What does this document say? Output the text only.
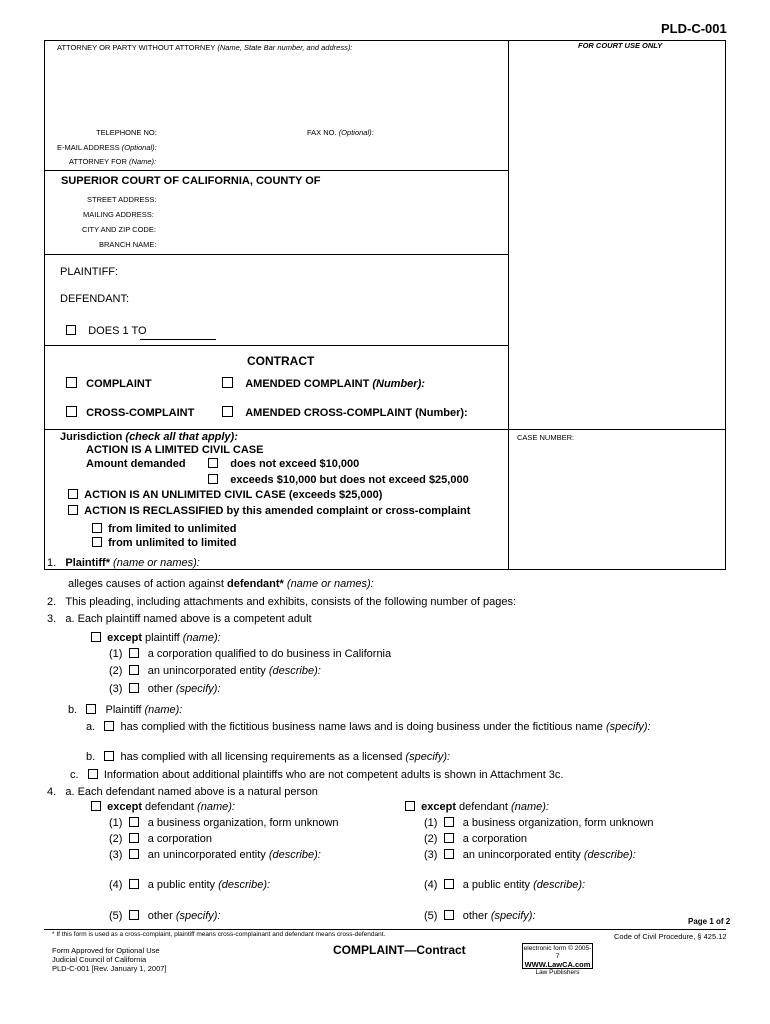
PLD-C-001
ATTORNEY OR PARTY WITHOUT ATTORNEY (Name, State Bar number, and address):	FOR COURT USE ONLY
TELEPHONE NO:	FAX NO. (Optional):
E-MAIL ADDRESS (Optional):
ATTORNEY FOR (Name):
SUPERIOR COURT OF CALIFORNIA, COUNTY OF
STREET ADDRESS:
MAILING ADDRESS:
CITY AND ZIP CODE:
BRANCH NAME:
PLAINTIFF:
DEFENDANT:
DOES 1 TO
CONTRACT
COMPLAINT	AMENDED COMPLAINT (Number):
CROSS-COMPLAINT	AMENDED CROSS-COMPLAINT (Number):
Jurisdiction (check all that apply):	CASE NUMBER:
ACTION IS A LIMITED CIVIL CASE
Amount demanded	does not exceed $10,000
exceeds $10,000 but does not exceed $25,000
ACTION IS AN UNLIMITED CIVIL CASE (exceeds $25,000)
ACTION IS RECLASSIFIED by this amended complaint or cross-complaint
from limited to unlimited
from unlimited to limited
1. Plaintiff* (name or names):
alleges causes of action against defendant* (name or names):
2. This pleading, including attachments and exhibits, consists of the following number of pages:
3. a. Each plaintiff named above is a competent adult
except plaintiff (name):
(1) a corporation qualified to do business in California
(2) an unincorporated entity (describe):
(3) other (specify):
b.	Plaintiff (name):
a. has complied with the fictitious business name laws and is doing business under the fictitious name (specify):
b. has complied with all licensing requirements as a licensed (specify):
c. Information about additional plaintiffs who are not competent adults is shown in Attachment 3c.
4. a. Each defendant named above is a natural person
except defendant (name):
(1) a business organization, form unknown
(2) a corporation
(3) an unincorporated entity (describe):
(4) a public entity (describe):
(5) other (specify):
except defendant (name):
(1) a business organization, form unknown
(2) a corporation
(3) an unincorporated entity (describe):
(4) a public entity (describe):
(5) other (specify):	Page 1 of 2
* If this form is used as a cross-complaint, plaintiff means cross-complainant and defendant means cross-defendant.	Code of Civil Procedure, § 425.12
Form Approved for Optional Use
Judicial Council of California
PLD-C-001 [Rev. January 1, 2007]
COMPLAINT—Contract	electronic form © 2005-7
WWW.LawCA.com
Law Publishers
